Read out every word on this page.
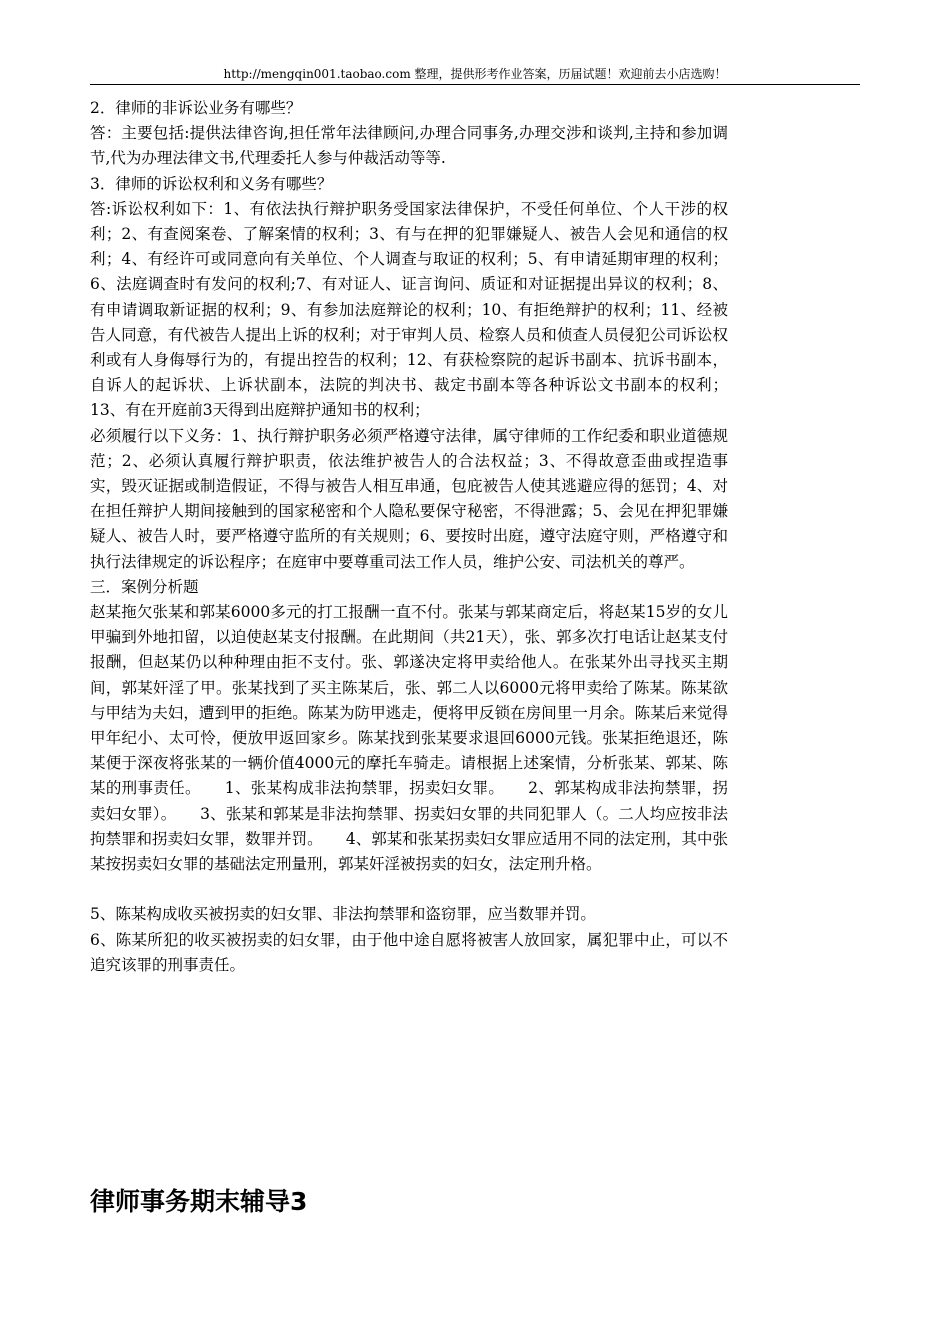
http://mengqin001.taobao.com 整理，提供形考作业答案，历届试题！欢迎前去小店选购！

2．律师的非诉讼业务有哪些？

答：主要包括:提供法律咨询,担任常年法律顾问,办理合同事务,办理交涉和谈判,主持和参加调节,代为办理法律文书,代理委托人参与仲裁活动等等.

3．律师的诉讼权利和义务有哪些？

答:诉讼权利如下：1、有依法执行辩护职务受国家法律保护，不受任何单位、个人干涉的权利；2、有查阅案卷、了解案情的权利；3、有与在押的犯罪嫌疑人、被告人会见和通信的权利；4、有经许可或同意向有关单位、个人调查与取证的权利；5、有申请延期审理的权利；6、法庭调查时有发问的权利;7、有对证人、证言询问、质证和对证据提出异议的权利；8、有申请调取新证据的权利；9、有参加法庭辩论的权利；10、有拒绝辩护的权利；11、经被告人同意，有代被告人提出上诉的权利；对于审判人员、检察人员和侦查人员侵犯公司诉讼权利或有人身侮辱行为的，有提出控告的权利；12、有获检察院的起诉书副本、抗诉书副本，自诉人的起诉状、上诉状副本，法院的判决书、裁定书副本等各种诉讼文书副本的权利；13、有在开庭前3天得到出庭辩护通知书的权利；

必须履行以下义务：1、执行辩护职务必须严格遵守法律，属守律师的工作纪委和职业道德规范；2、必须认真履行辩护职责，依法维护被告人的合法权益；3、不得故意歪曲或捏造事实，毁灭证据或制造假证，不得与被告人相互串通，包庇被告人使其逃避应得的惩罚；4、对在担任辩护人期间接触到的国家秘密和个人隐私要保守秘密，不得泄露；5、会见在押犯罪嫌疑人、被告人时，要严格遵守监所的有关规则；6、要按时出庭，遵守法庭守则，严格遵守和执行法律规定的诉讼程序；在庭审中要尊重司法工作人员，维护公安、司法机关的尊严。

三．案例分析题

赵某拖欠张某和郭某6000多元的打工报酬一直不付。张某与郭某商定后，将赵某15岁的女儿甲骗到外地扣留，以迫使赵某支付报酬。在此期间（共21天），张、郭多次打电话让赵某支付报酬，但赵某仍以种种理由拒不支付。张、郭遂决定将甲卖给他人。在张某外出寻找买主期间，郭某奸淫了甲。张某找到了买主陈某后，张、郭二人以6000元将甲卖给了陈某。陈某欲与甲结为夫妇，遭到甲的拒绝。陈某为防甲逃走，便将甲反锁在房间里一月余。陈某后来觉得甲年纪小、太可怜，便放甲返回家乡。陈某找到张某要求退回6000元钱。张某拒绝退还，陈某便于深夜将张某的一辆价值4000元的摩托车骑走。请根据上述案情，分析张某、郭某、陈某的刑事责任。　　1、张某构成非法拘禁罪，拐卖妇女罪。　　2、郭某构成非法拘禁罪，拐卖妇女罪）。　　3、张某和郭某是非法拘禁罪、拐卖妇女罪的共同犯罪人（。二人均应按非法拘禁罪和拐卖妇女罪，数罪并罚。　　4、郭某和张某拐卖妇女罪应适用不同的法定刑，其中张某按拐卖妇女罪的基础法定刑量刑，郭某奸淫被拐卖的妇女，法定刑升格。

5、陈某构成收买被拐卖的妇女罪、非法拘禁罪和盗窃罪，应当数罪并罚。

6、陈某所犯的收买被拐卖的妇女罪，由于他中途自愿将被害人放回家，属犯罪中止，可以不追究该罪的刑事责任。

律师事务期末辅导3
